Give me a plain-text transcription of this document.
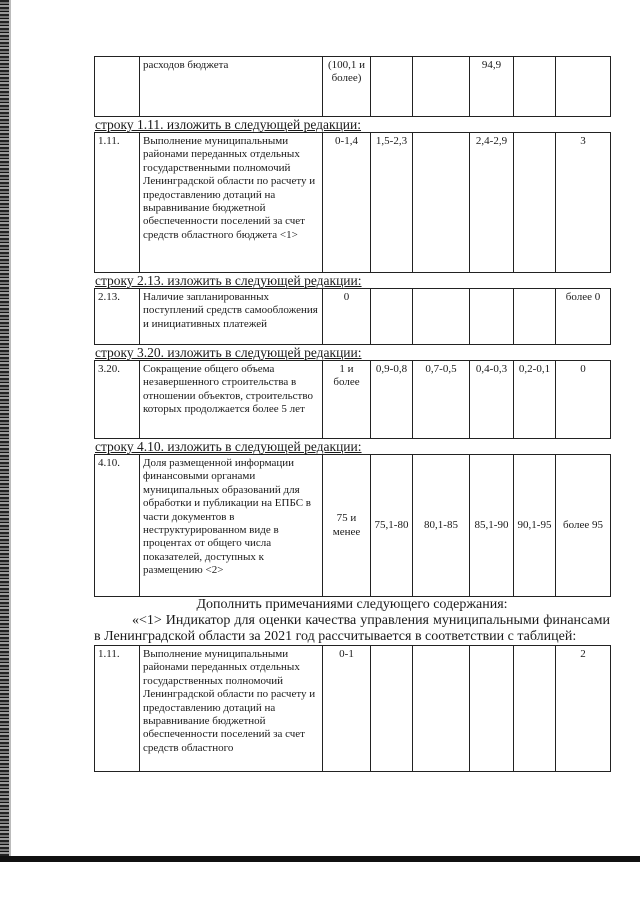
	расходов бюджета	(100,1 и более)			94,9		
строку 1.11. изложить в следующей редакции:
1.11.	Выполнение муниципальными районами переданных отдельных государственными полномочий Ленинградской области по расчету и предоставлению дотаций на выравнивание бюджетной обеспеченности поселений за счет средств областного бюджета <1>	0-1,4	1,5-2,3		2,4-2,9		3
строку 2.13. изложить в следующей редакции:
2.13.	Наличие запланированных поступлений средств самообложения и инициативных платежей	0					более 0
строку 3.20. изложить в следующей редакции:
3.20.	Сокращение общего объема незавершенного строительства в отношении объектов, строительство которых продолжается более 5 лет	1 и более	0,9-0,8	0,7-0,5	0,4-0,3	0,2-0,1	0
строку 4.10. изложить в следующей редакции:
4.10.	Доля размещенной информации финансовыми органами муниципальных образований для обработки и публикации на ЕПБС в части документов в неструктурированном виде в процентах от общего числа показателей, доступных к размещению <2>	75 и менее	75,1-80	80,1-85	85,1-90	90,1-95	более 95
Дополнить примечаниями следующего содержания:
«<1> Индикатор для оценки качества управления муниципальными финансами в Ленинградской области за 2021 год рассчитывается в соответствии с таблицей:
1.11.	Выполнение муниципальными районами переданных отдельных государственных полномочий Ленинградской области по расчету и предоставлению дотаций на выравнивание бюджетной обеспеченности поселений за счет средств областного	0-1					2
